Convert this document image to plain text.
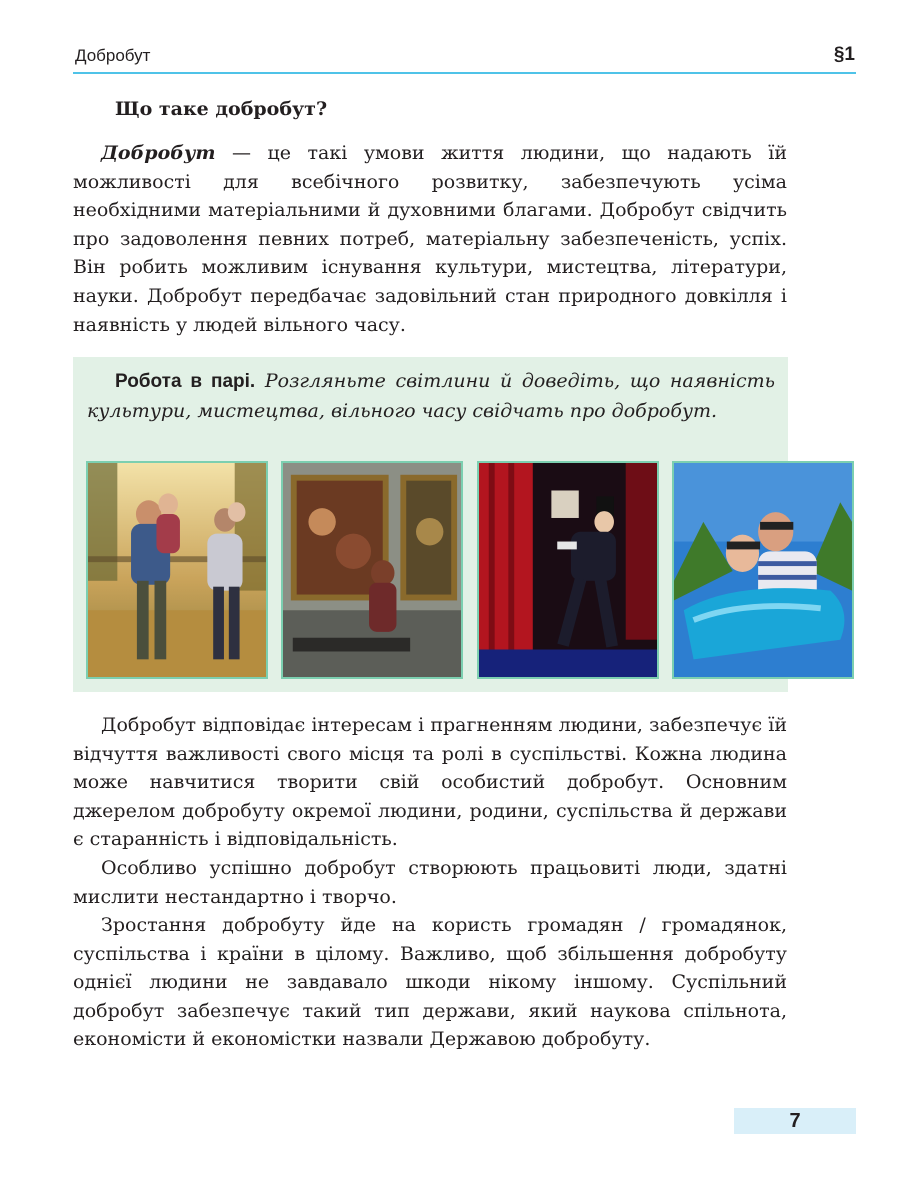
Добробут	§1
Що таке добробут?

Добробут — це такі умови життя людини, що надають їй можливості для всебічного розвитку, забезпечують усіма необхідними матеріальними й духовними благами. Добробут свідчить про задоволення певних потреб, матеріальну забезпеченість, успіх. Він робить можливим існування культури, мистецтва, літератури, науки. Добробут передбачає задовільний стан природного довкілля і наявність у людей вільного часу.

Робота в парі. Розгляньте світлини й доведіть, що наявність культури, мистецтва, вільного часу свідчать про добробут.

Добробут відповідає інтересам і прагненням людини, забезпечує їй відчуття важливості свого місця та ролі в суспільстві. Кожна людина може навчитися творити свій особистий добробут. Основним джерелом добробуту окремої людини, родини, суспільства й держави є старанність і відповідальність.

Особливо успішно добробут створюють працьовиті люди, здатні мислити нестандартно і творчо.

Зростання добробуту йде на користь громадян / громадянок, суспільства і країни в цілому. Важливо, щоб збільшення добробуту однієї людини не завдавало шкоди нікому іншому. Суспільний добробут забезпечує такий тип держави, який наукова спільнота, економісти й економістки назвали Державою добробуту.

7
